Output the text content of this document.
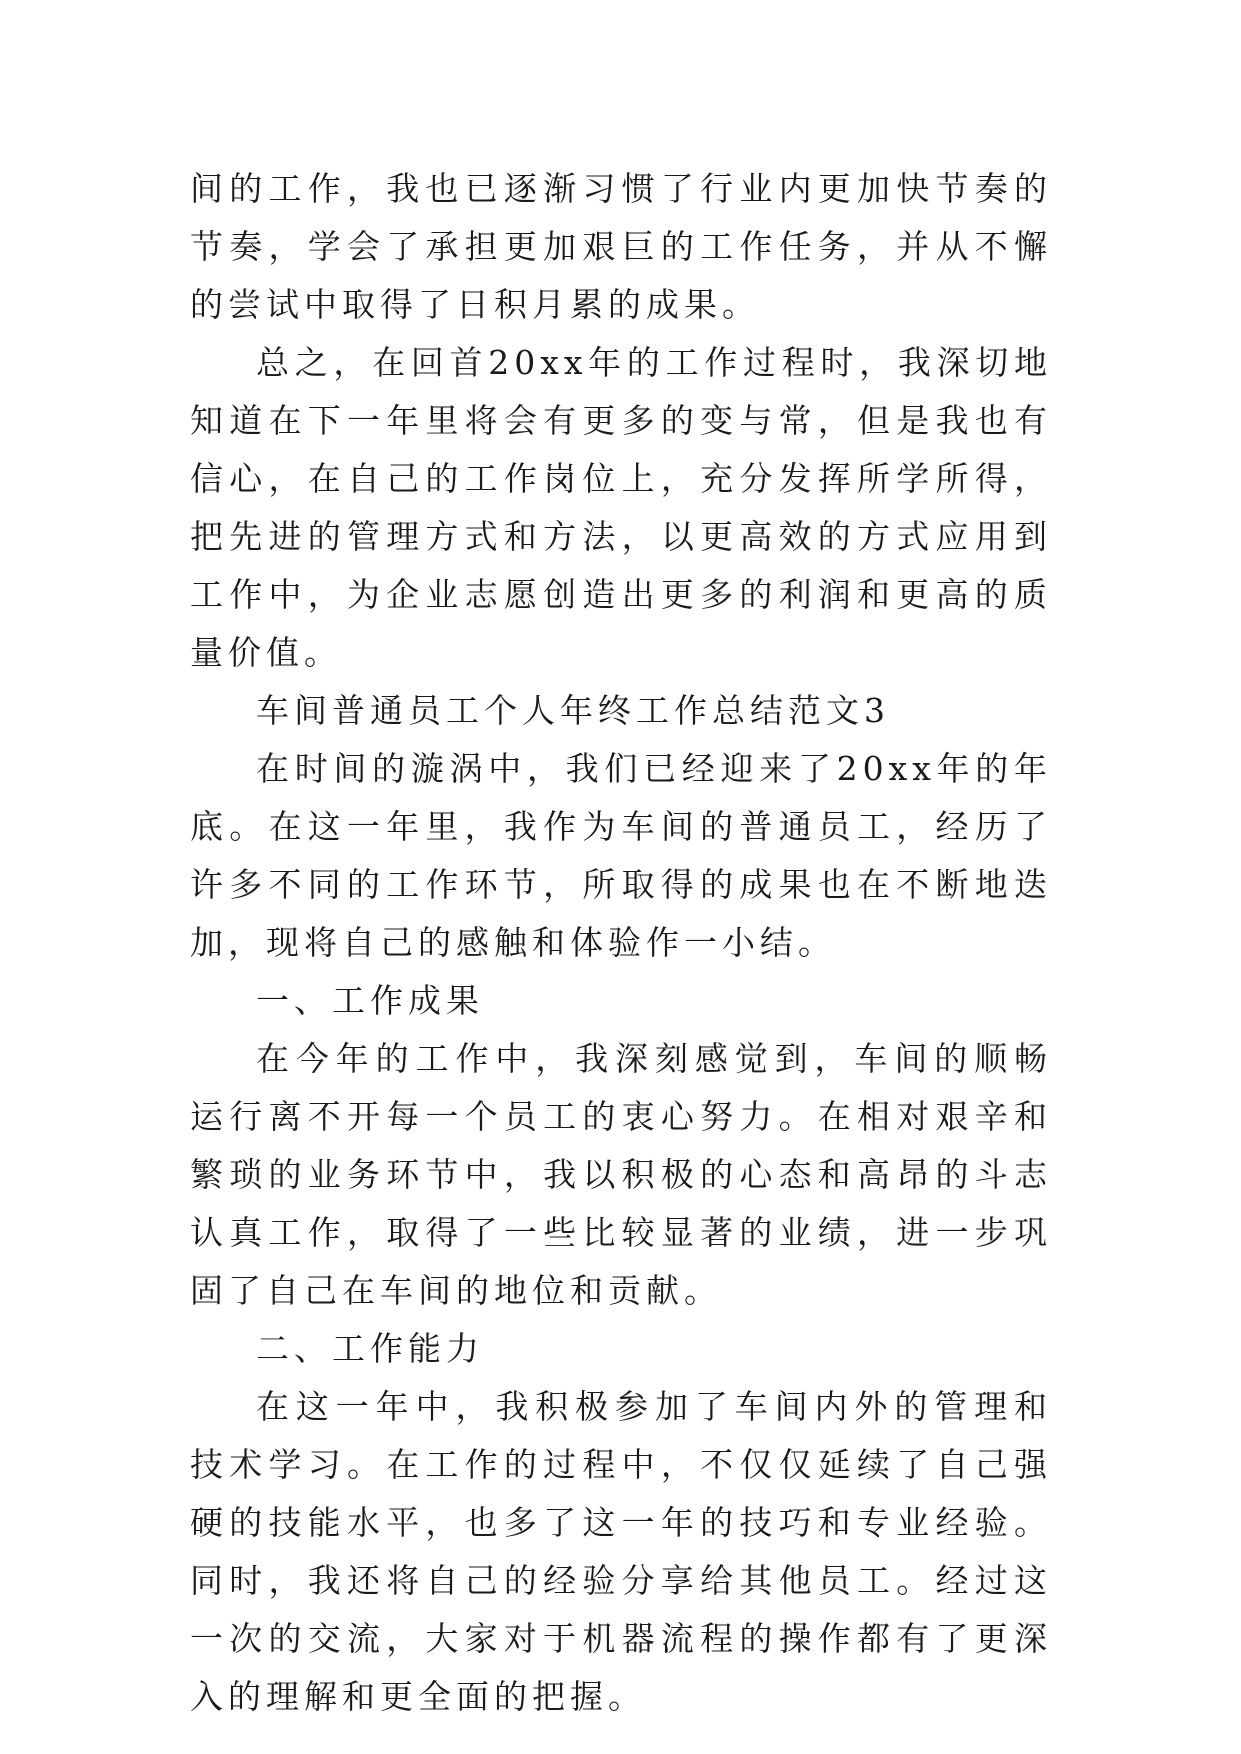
间的工作，我也已逐渐习惯了行业内更加快节奏的节奏，学会了承担更加艰巨的工作任务，并从不懈的尝试中取得了日积月累的成果。

总之，在回首20xx年的工作过程时，我深切地知道在下一年里将会有更多的变与常，但是我也有信心，在自己的工作岗位上，充分发挥所学所得，把先进的管理方式和方法，以更高效的方式应用到工作中，为企业志愿创造出更多的利润和更高的质量价值。

车间普通员工个人年终工作总结范文3

在时间的漩涡中，我们已经迎来了20xx年的年底。在这一年里，我作为车间的普通员工，经历了许多不同的工作环节，所取得的成果也在不断地迭加，现将自己的感触和体验作一小结。

一、工作成果

在今年的工作中，我深刻感觉到，车间的顺畅运行离不开每一个员工的衷心努力。在相对艰辛和繁琐的业务环节中，我以积极的心态和高昂的斗志认真工作，取得了一些比较显著的业绩，进一步巩固了自己在车间的地位和贡献。

二、工作能力

在这一年中，我积极参加了车间内外的管理和技术学习。在工作的过程中，不仅仅延续了自己强硬的技能水平，也多了这一年的技巧和专业经验。同时，我还将自己的经验分享给其他员工。经过这一次的交流，大家对于机器流程的操作都有了更深入的理解和更全面的把握。
